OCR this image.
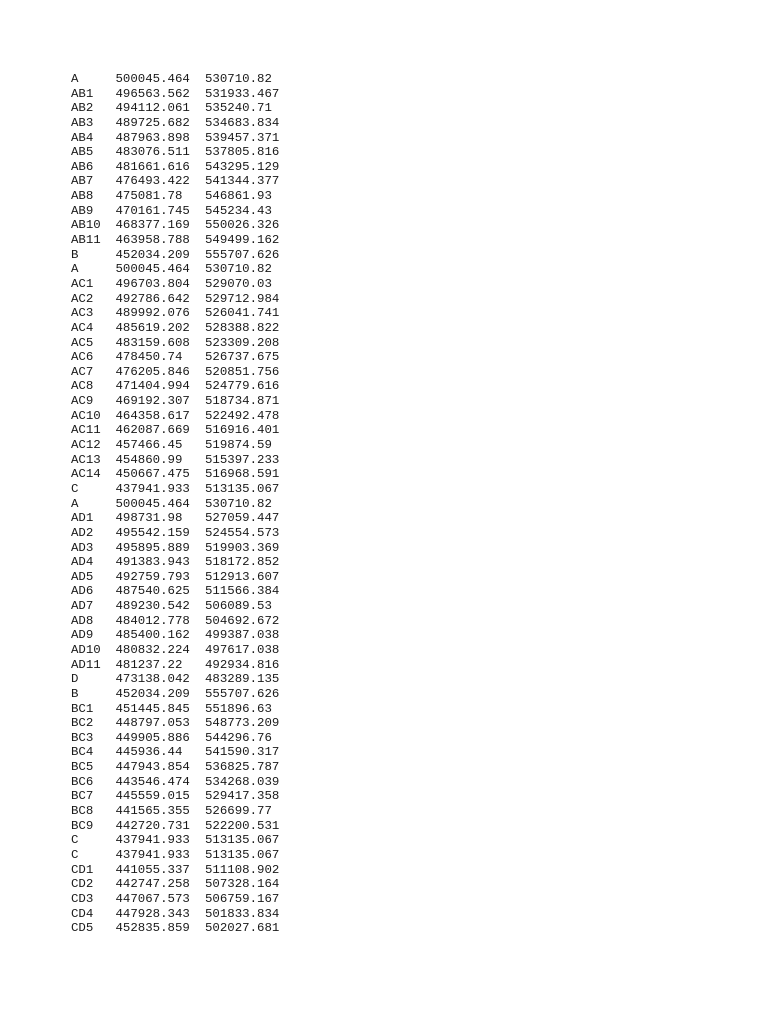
A	500045.464	530710.82
AB1	496563.562	531933.467
AB2	494112.061	535240.71
AB3	489725.682	534683.834
AB4	487963.898	539457.371
AB5	483076.511	537805.816
AB6	481661.616	543295.129
AB7	476493.422	541344.377
AB8	475081.78	546861.93
AB9	470161.745	545234.43
AB10	468377.169	550026.326
AB11	463958.788	549499.162
B	452034.209	555707.626
A	500045.464	530710.82
AC1	496703.804	529070.03
AC2	492786.642	529712.984
AC3	489992.076	526041.741
AC4	485619.202	528388.822
AC5	483159.608	523309.208
AC6	478450.74	526737.675
AC7	476205.846	520851.756
AC8	471404.994	524779.616
AC9	469192.307	518734.871
AC10	464358.617	522492.478
AC11	462087.669	516916.401
AC12	457466.45	519874.59
AC13	454860.99	515397.233
AC14	450667.475	516968.591
C	437941.933	513135.067
A	500045.464	530710.82
AD1	498731.98	527059.447
AD2	495542.159	524554.573
AD3	495895.889	519903.369
AD4	491383.943	518172.852
AD5	492759.793	512913.607
AD6	487540.625	511566.384
AD7	489230.542	506089.53
AD8	484012.778	504692.672
AD9	485400.162	499387.038
AD10	480832.224	497617.038
AD11	481237.22	492934.816
D	473138.042	483289.135
B	452034.209	555707.626
BC1	451445.845	551896.63
BC2	448797.053	548773.209
BC3	449905.886	544296.76
BC4	445936.44	541590.317
BC5	447943.854	536825.787
BC6	443546.474	534268.039
BC7	445559.015	529417.358
BC8	441565.355	526699.77
BC9	442720.731	522200.531
C	437941.933	513135.067
C	437941.933	513135.067
CD1	441055.337	511108.902
CD2	442747.258	507328.164
CD3	447067.573	506759.167
CD4	447928.343	501833.834
CD5	452835.859	502027.681
